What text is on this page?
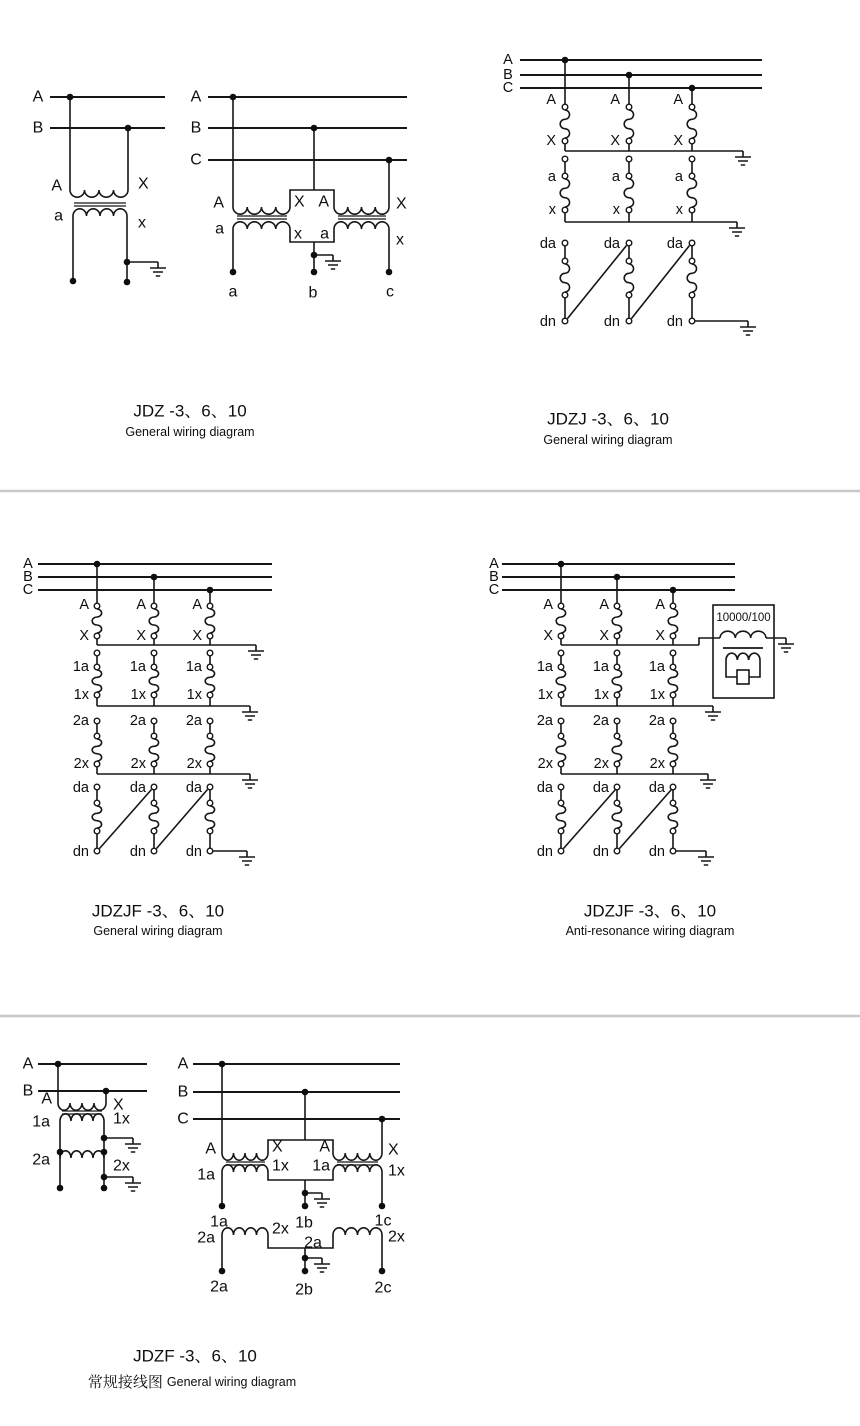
A
B
A	X
a	x
A
B
C
A	X A	X
a	x a	x
a	b	c
JDZ -3、6、10
General wiring diagram
A
B
C
A
X
a
x
da
dn
A
X
a
x
da
dn
A
X
a
x
da
dn
JDZJ -3、6、10
General wiring diagram
A
B
C
A
X
1a
1x
2a
2x
da
dn
A
X
1a
1x
2a
2x
da
dn
A
X
1a
1x
2a
2x
da
dn
JDZJF -3、6、10
General wiring diagram
A
B
C
A
X
1a
1x
2a
2x
da
dn
A
X
1a
1x
2a
2x
da
dn
A
X
1a
1x
2a
2x
da
dn
10000/100
JDZJF -3、6、10
Anti-resonance wiring diagram
A
B A	X
1a	1x
2a	2x
A
B
C
A	X A	X
1a
1x 1a	1x
2a
2x
2a	2x
1a	1b	1c
2a	2b	2c
JDZF -3、6、10
常规接线图 General wiring diagram
